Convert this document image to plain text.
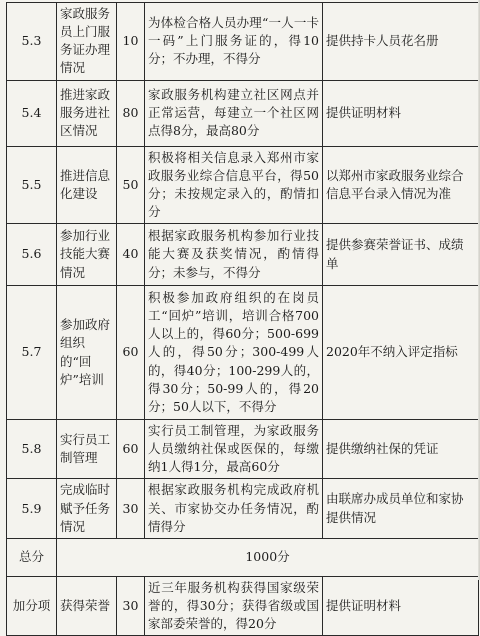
5.3	家政服务员上门服务证办理情况	10	为体检合格人员办理“一人一卡一码”上门服务证的，得10分；不办理，不得分	提供持卡人员花名册
5.4	推进家政服务进社区情况	80	家政服务机构建立社区网点并正常运营，每建立一个社区网点得8分，最高80分	提供证明材料
5.5	推进信息化建设	50	积极将相关信息录入郑州市家政服务业综合信息平台，得50分；未按规定录入的，酌情扣分	以郑州市家政服务业综合信息平台录入情况为准
5.6	参加行业技能大赛情况	40	根据家政服务机构参加行业技能大赛及获奖情况，酌情得分；未参与，不得分	提供参赛荣誉证书、成绩单
5.7	参加政府组织的“回炉”培训	60	积极参加政府组织的在岗员工“回炉”培训，培训合格700人以上的，得60分；500-699人的，得50分；300-499人的，得40分；100-299人的，得30分；50-99人的，得20分；50人以下，不得分	2020年不纳入评定指标
5.8	实行员工制管理	60	实行员工制管理，为家政服务人员缴纳社保或医保的，每缴纳1人得1分，最高60分	提供缴纳社保的凭证
5.9	完成临时赋予任务情况	30	根据家政服务机构完成政府机关、市家协交办任务情况，酌情得分	由联席办成员单位和家协提供情况
总分	1000分			
加分项	获得荣誉	30	近三年服务机构获得国家级荣誉的，得30分；获得省级或国家部委荣誉的，得20分	提供证明材料
